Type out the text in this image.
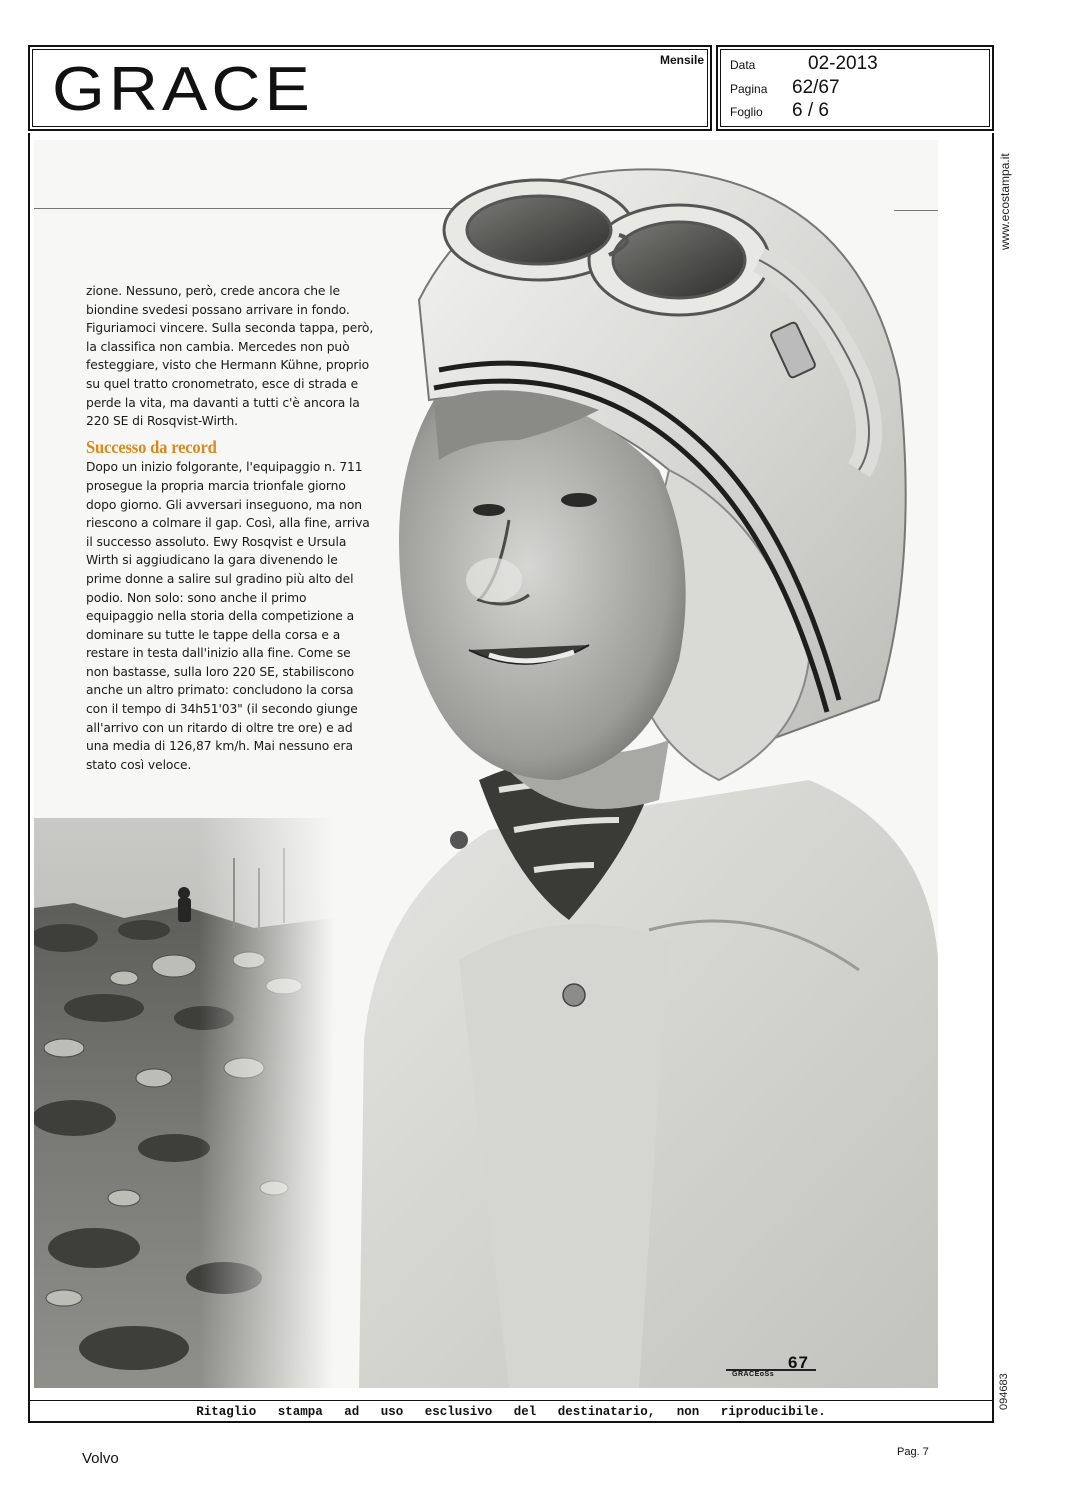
GRACE	Mensile Data	02-2013
Pagina	62/67
Foglio	6 / 6
www.ecostampa.it
094683
Ritaglio stampa ad uso esclusivo del destinatario, non riproducibile.

zione. Nessuno, però, crede ancora che le biondine svedesi possano arrivare in fondo. Figuriamoci vincere. Sulla seconda tappa, però, la classifica non cambia. Mercedes non può festeggiare, visto che Hermann Kühne, proprio su quel tratto cronometrato, esce di strada e perde la vita, ma davanti a tutti c'è ancora la 220 SE di Rosqvist-Wirth.

Successo da record

Dopo un inizio folgorante, l'equipaggio n. 711 prosegue la propria marcia trionfale giorno dopo giorno. Gli avversari inseguono, ma non riescono a colmare il gap. Così, alla fine, arriva il successo assoluto. Ewy Rosqvist e Ursula Wirth si aggiudicano la gara divenendo le prime donne a salire sul gradino più alto del podio. Non solo: sono anche il primo equipaggio nella storia della competizione a dominare su tutte le tappe della corsa e a restare in testa dall'inizio alla fine. Come se non bastasse, sulla loro 220 SE, stabiliscono anche un altro primato: concludono la corsa con il tempo di 34h51'03" (il secondo giunge all'arrivo con un ritardo di oltre tre ore) e ad una media di 126,87 km/h. Mai nessuno era stato così veloce.

67
GRACEoSs
Volvo	Pag. 7
